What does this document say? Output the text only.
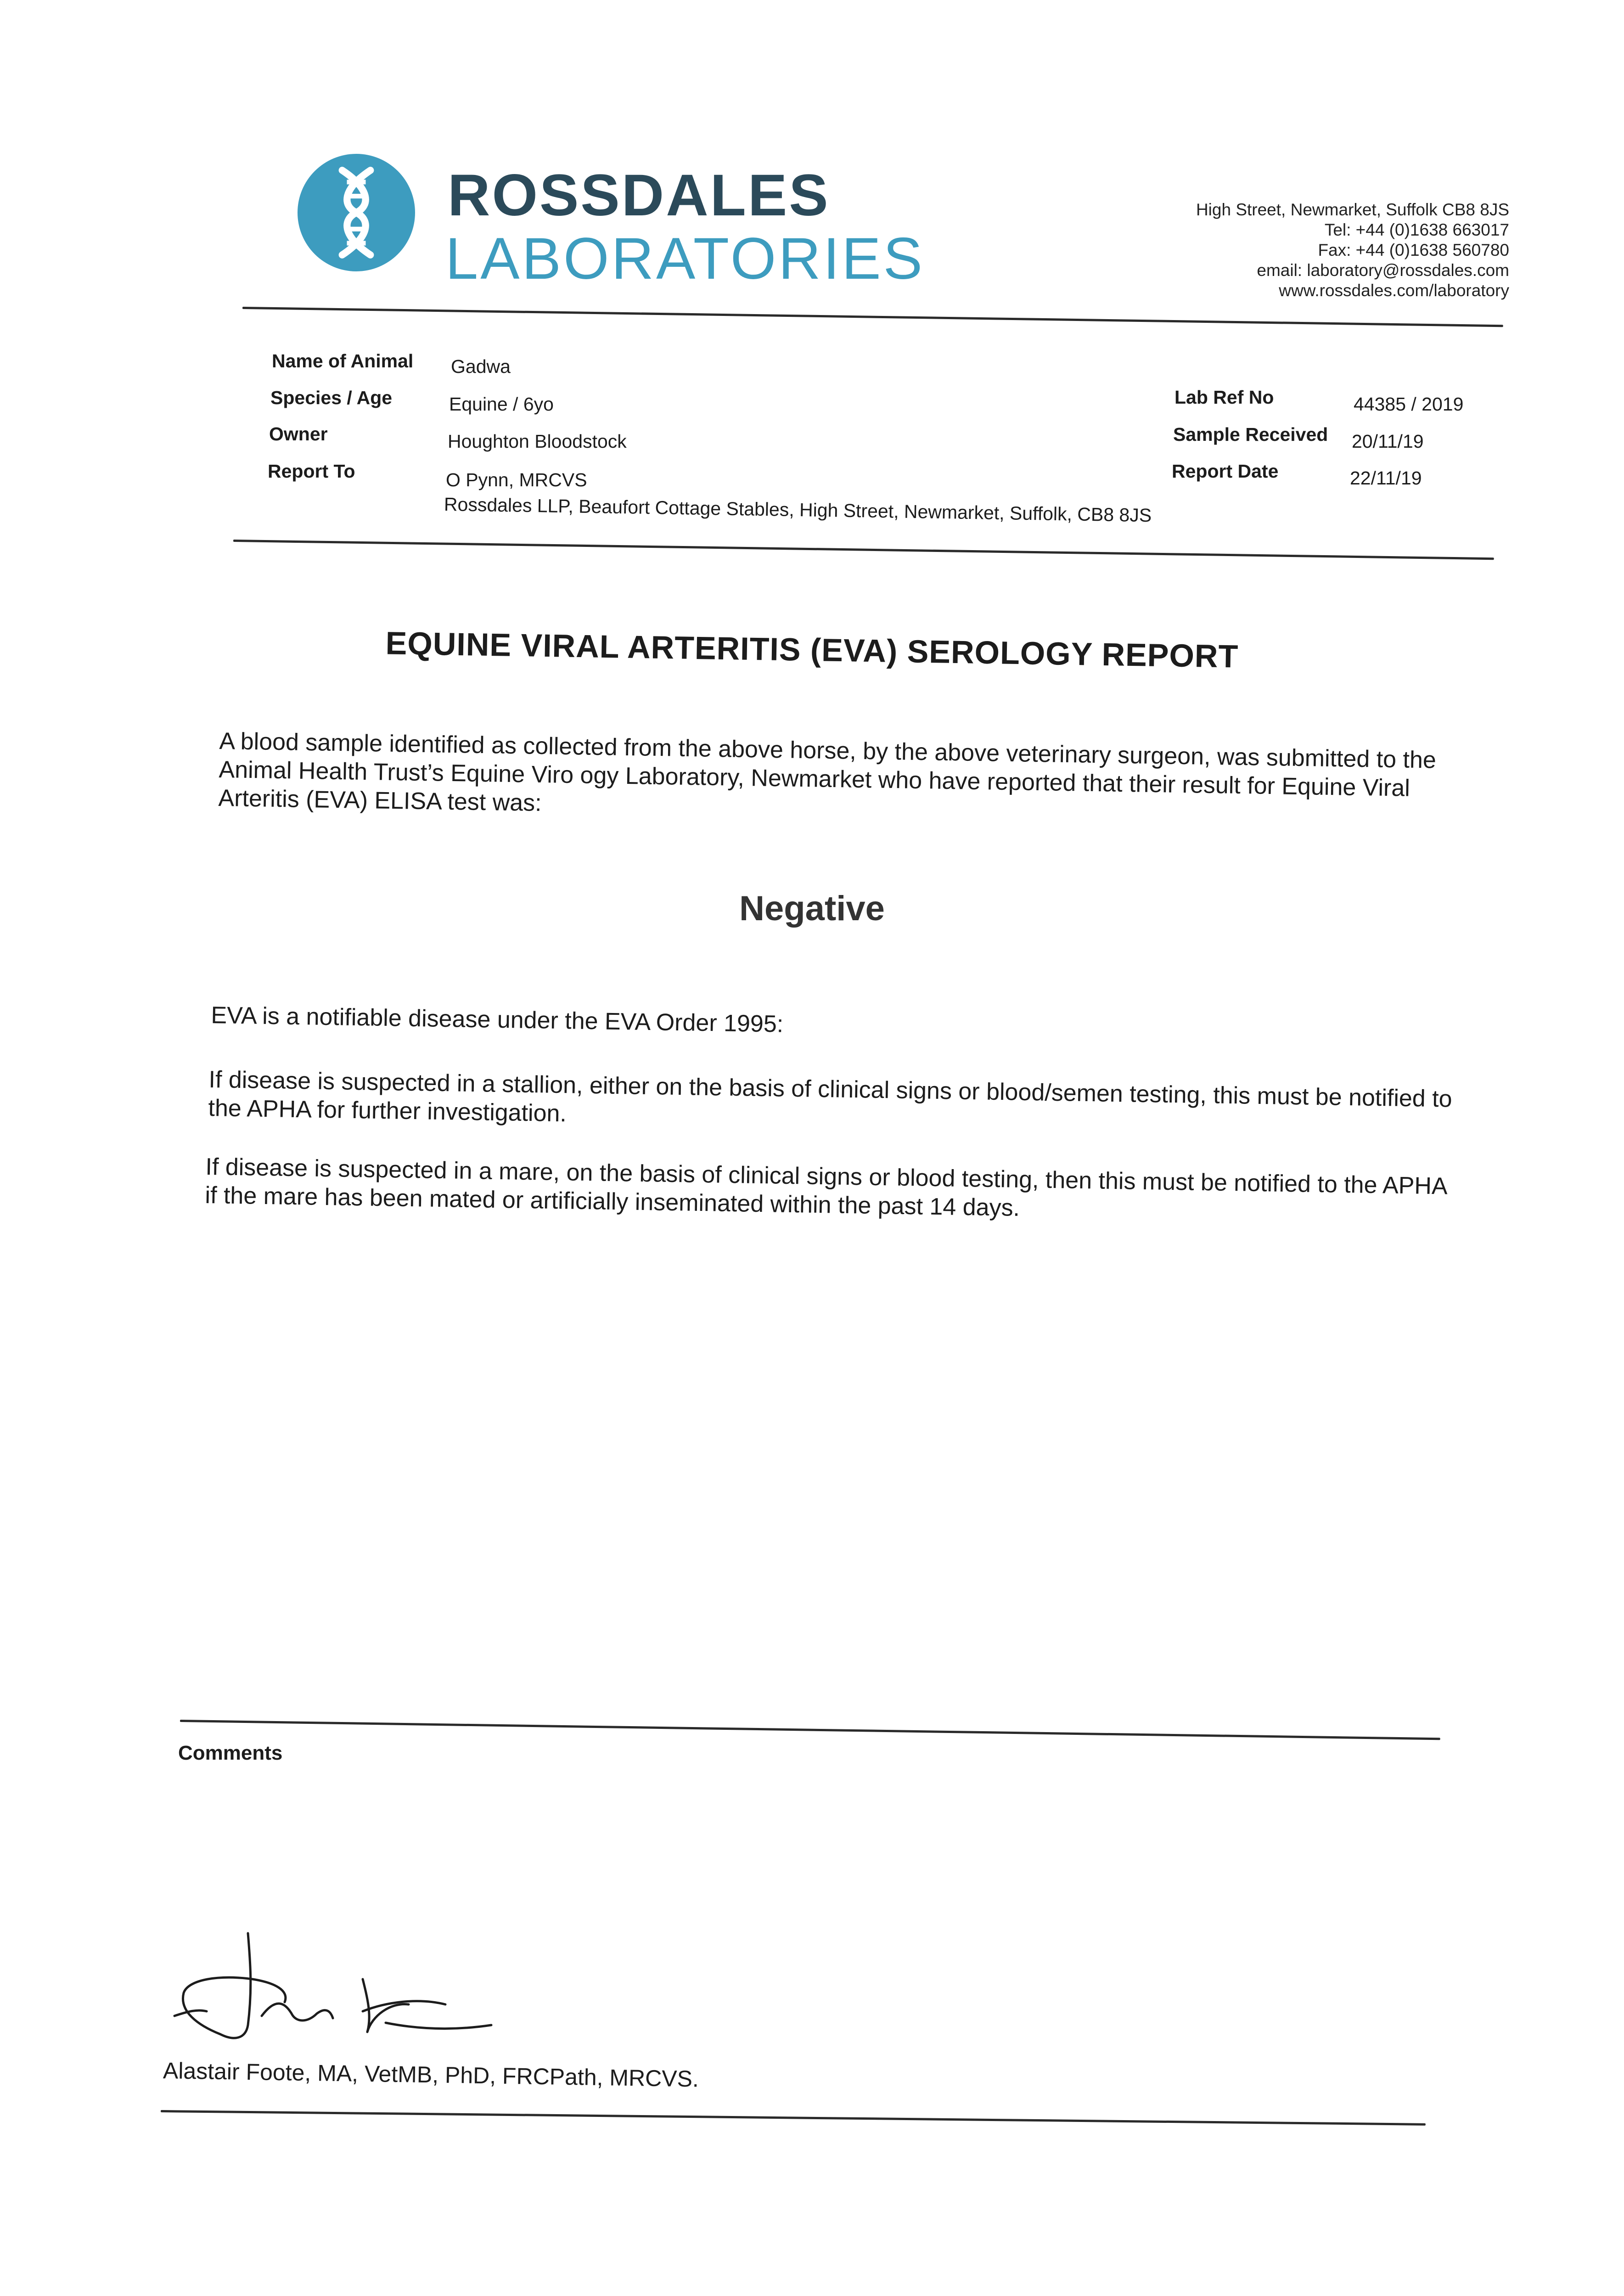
ROSSDALES
LABORATORIES
High Street, Newmarket, Suffolk CB8 8JS
Tel: +44 (0)1638 663017
Fax: +44 (0)1638 560780
email: laboratory@rossdales.com
www.rossdales.com/laboratory
Name of Animal Gadwa
Species / Age	Equine / 6yo
Owner	Houghton Bloodstock
Report To	O Pynn, MRCVS
Rossdales LLP, Beaufort Cottage Stables, High Street, Newmarket, Suffolk, CB8 8JS
Lab Ref No	44385 / 2019
Sample Received 20/11/19
Report Date	22/11/19
EQUINE VIRAL ARTERITIS (EVA) SEROLOGY REPORT
A blood sample identified as collected from the above horse, by the above veterinary surgeon, was submitted to the Animal Health Trust’s Equine Viro ogy Laboratory, Newmarket who have reported that their result for Equine Viral Arteritis (EVA) ELISA test was:
Negative
EVA is a notifiable disease under the EVA Order 1995:
If disease is suspected in a stallion, either on the basis of clinical signs or blood/semen testing, this must be notified to the APHA for further investigation.
If disease is suspected in a mare, on the basis of clinical signs or blood testing, then this must be notified to the APHA if the mare has been mated or artificially inseminated within the past 14 days.
Comments
Alastair Foote, MA, VetMB, PhD, FRCPath, MRCVS.
